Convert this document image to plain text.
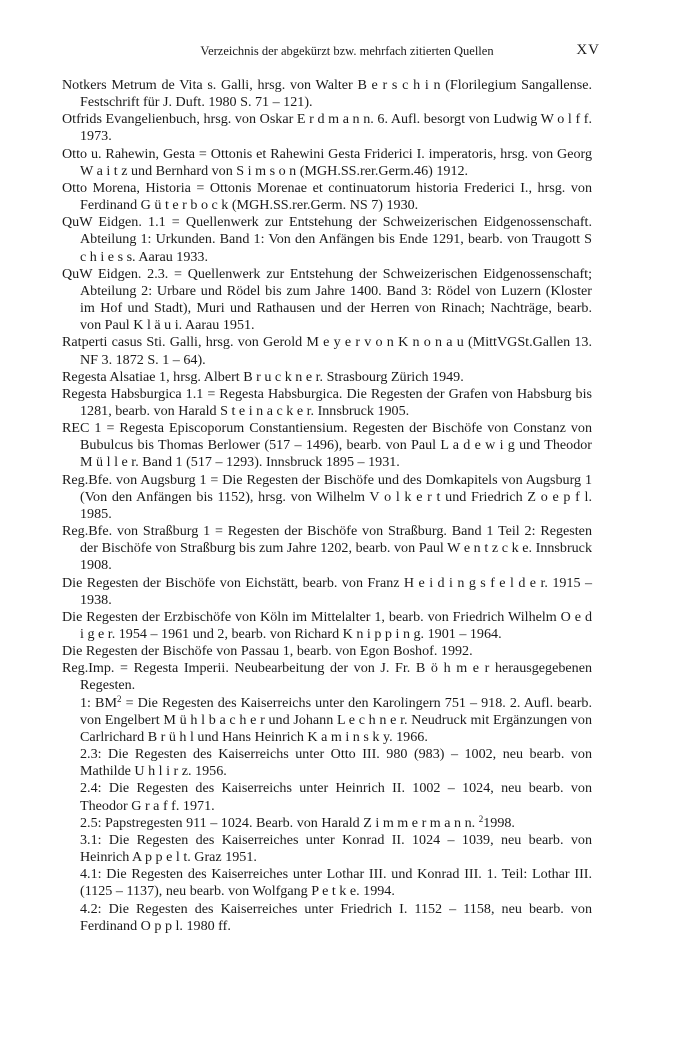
Verzeichnis der abgekürzt bzw. mehrfach zitierten Quellen	XV

Notkers Metrum de Vita s. Galli, hrsg. von Walter B e r s c h i n (Florilegium Sangallense. Festschrift für J. Duft. 1980 S. 71 – 121).

Otfrids Evangelienbuch, hrsg. von Oskar E r d m a n n. 6. Aufl. besorgt von Ludwig W o l f f. 1973.

Otto u. Rahewin, Gesta = Ottonis et Rahewini Gesta Friderici I. imperatoris, hrsg. von Georg W a i t z und Bernhard von S i m s o n (MGH.SS.rer.Germ.46) 1912.

Otto Morena, Historia = Ottonis Morenae et continuatorum historia Frederici I., hrsg. von Ferdinand G ü t e r b o c k (MGH.SS.rer.Germ. NS 7) 1930.

QuW Eidgen. 1.1 = Quellenwerk zur Entstehung der Schweizerischen Eidgenossenschaft. Abteilung 1: Urkunden. Band 1: Von den Anfängen bis Ende 1291, bearb. von Traugott S c h i e s s. Aarau 1933.

QuW Eidgen. 2.3. = Quellenwerk zur Entstehung der Schweizerischen Eidgenossenschaft; Abteilung 2: Urbare und Rödel bis zum Jahre 1400. Band 3: Rödel von Luzern (Kloster im Hof und Stadt), Muri und Rathausen und der Herren von Rinach; Nachträge, bearb. von Paul K l ä u i. Aarau 1951.

Ratperti casus Sti. Galli, hrsg. von Gerold M e y e r v o n K n o n a u (MittVGSt.Gallen 13. NF 3. 1872 S. 1 – 64).

Regesta Alsatiae 1, hrsg. Albert B r u c k n e r. Strasbourg Zürich 1949.

Regesta Habsburgica 1.1 = Regesta Habsburgica. Die Regesten der Grafen von Habsburg bis 1281, bearb. von Harald S t e i n a c k e r. Innsbruck 1905.

REC 1 = Regesta Episcoporum Constantiensium. Regesten der Bischöfe von Constanz von Bubulcus bis Thomas Berlower (517 – 1496), bearb. von Paul L a d e w i g und Theodor M ü l l e r. Band 1 (517 – 1293). Innsbruck 1895 – 1931.

Reg.Bfe. von Augsburg 1 = Die Regesten der Bischöfe und des Domkapitels von Augsburg 1 (Von den Anfängen bis 1152), hrsg. von Wilhelm V o l k e r t und Friedrich Z o e p f l. 1985.

Reg.Bfe. von Straßburg 1 = Regesten der Bischöfe von Straßburg. Band 1 Teil 2: Regesten der Bischöfe von Straßburg bis zum Jahre 1202, bearb. von Paul W e n t z c k e. Innsbruck 1908.

Die Regesten der Bischöfe von Eichstätt, bearb. von Franz H e i d i n g s f e l d e r. 1915 – 1938.

Die Regesten der Erzbischöfe von Köln im Mittelalter 1, bearb. von Friedrich Wilhelm O e d i g e r. 1954 – 1961 und 2, bearb. von Richard K n i p p i n g. 1901 – 1964.

Die Regesten der Bischöfe von Passau 1, bearb. von Egon Boshof. 1992.

Reg.Imp. = Regesta Imperii. Neubearbeitung der von J. Fr. B ö h m e r herausgegebenen Regesten.

1: $BM^2$ = Die Regesten des Kaiserreichs unter den Karolingern 751 – 918. 2. Aufl. bearb. von Engelbert M ü h l b a c h e r und Johann L e c h n e r. Neudruck mit Ergänzungen von Carlrichard B r ü h l und Hans Heinrich K a m i n s k y. 1966.

2.3: Die Regesten des Kaiserreichs unter Otto III. 980 (983) – 1002, neu bearb. von Mathilde U h l i r z. 1956.

2.4: Die Regesten des Kaiserreichs unter Heinrich II. 1002 – 1024, neu bearb. von Theodor G r a f f. 1971.

2.5: Papstregesten 911 – 1024. Bearb. von Harald Z i m m e r m a n n. $^2$1998.

3.1: Die Regesten des Kaiserreiches unter Konrad II. 1024 – 1039, neu bearb. von Heinrich A p p e l t. Graz 1951.

4.1: Die Regesten des Kaiserreiches unter Lothar III. und Konrad III. 1. Teil: Lothar III. (1125 – 1137), neu bearb. von Wolfgang P e t k e. 1994.

4.2: Die Regesten des Kaiserreiches unter Friedrich I. 1152 – 1158, neu bearb. von Ferdinand O p p l. 1980 ff.
